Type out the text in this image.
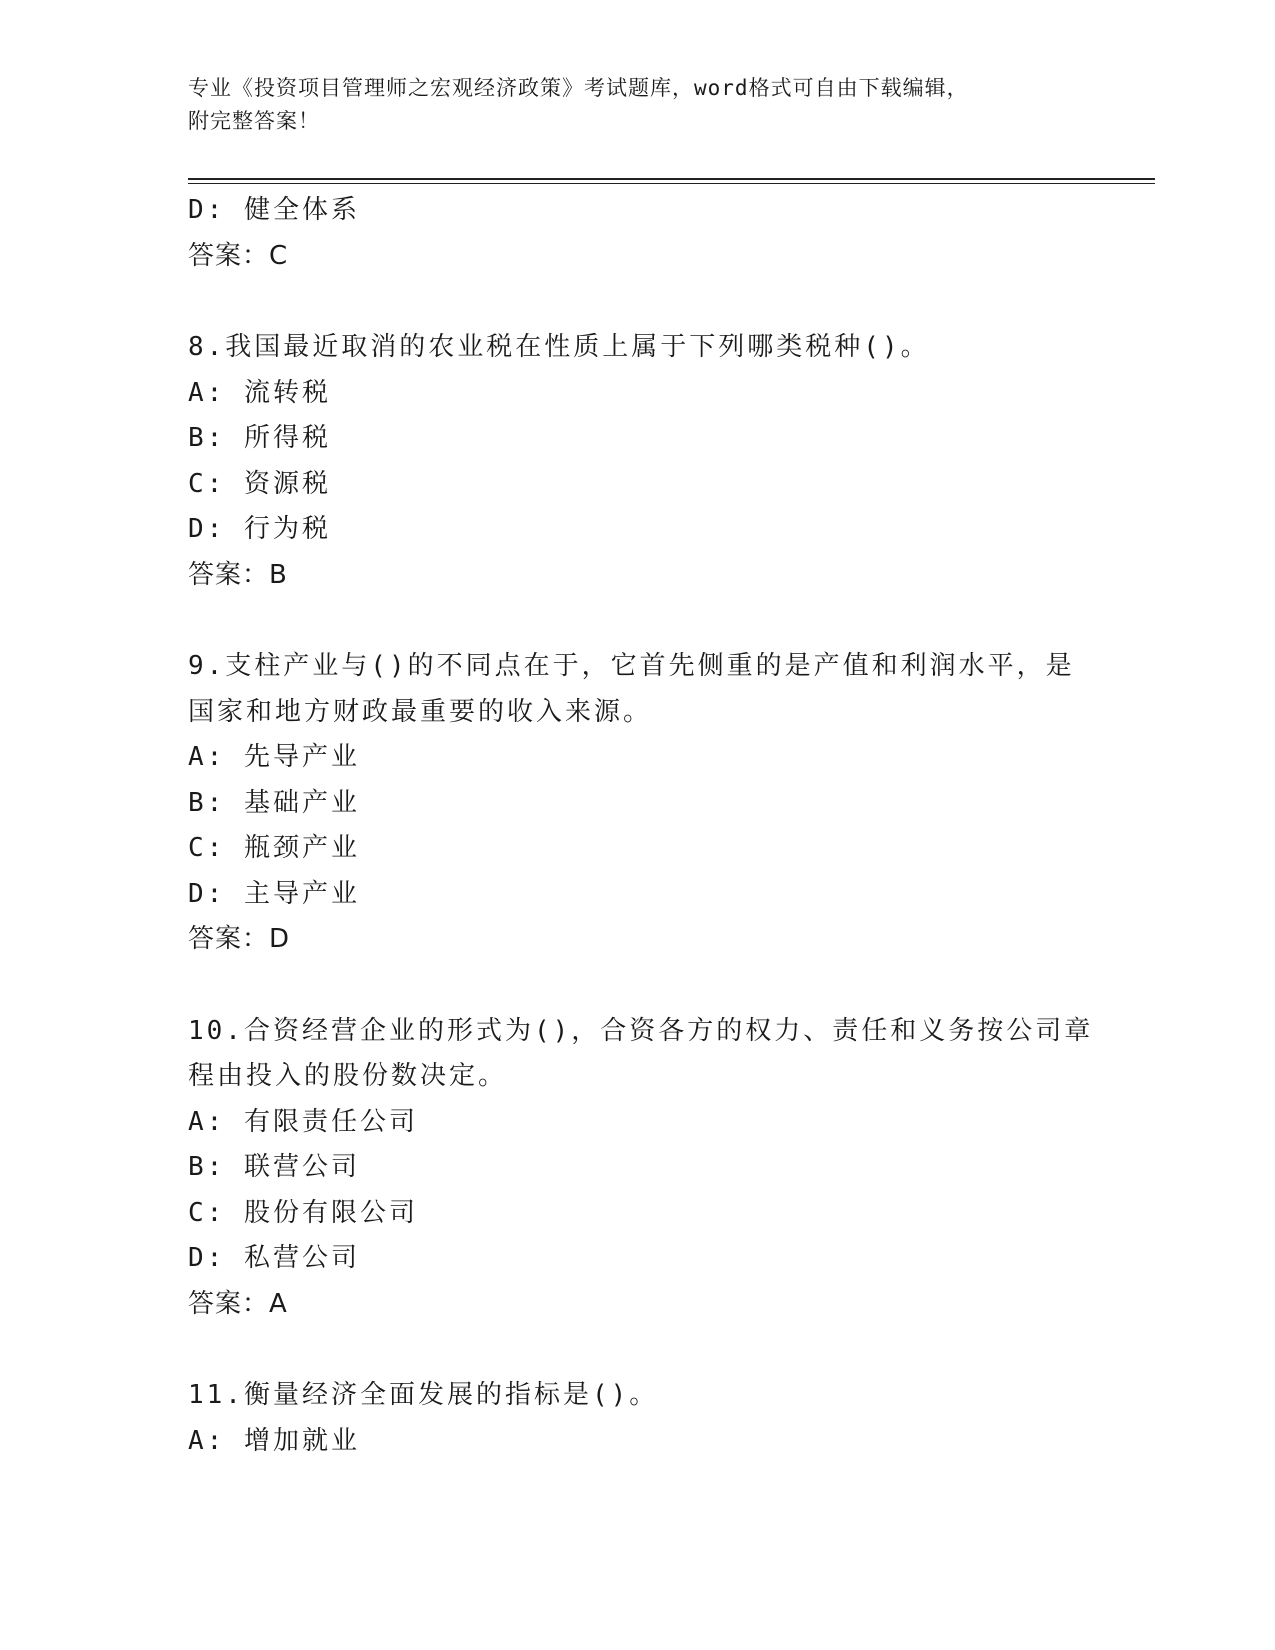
专业《投资项目管理师之宏观经济政策》考试题库，word格式可自由下载编辑，
附完整答案！
D: 健全体系
答案：C
8.我国最近取消的农业税在性质上属于下列哪类税种()。
A: 流转税
B: 所得税
C: 资源税
D: 行为税
答案：B
9.支柱产业与()的不同点在于，它首先侧重的是产值和利润水平，是
国家和地方财政最重要的收入来源。
A: 先导产业
B: 基础产业
C: 瓶颈产业
D: 主导产业
答案：D
10.合资经营企业的形式为()，合资各方的权力、责任和义务按公司章
程由投入的股份数决定。
A: 有限责任公司
B: 联营公司
C: 股份有限公司
D: 私营公司
答案：A
11.衡量经济全面发展的指标是()。
A: 增加就业
